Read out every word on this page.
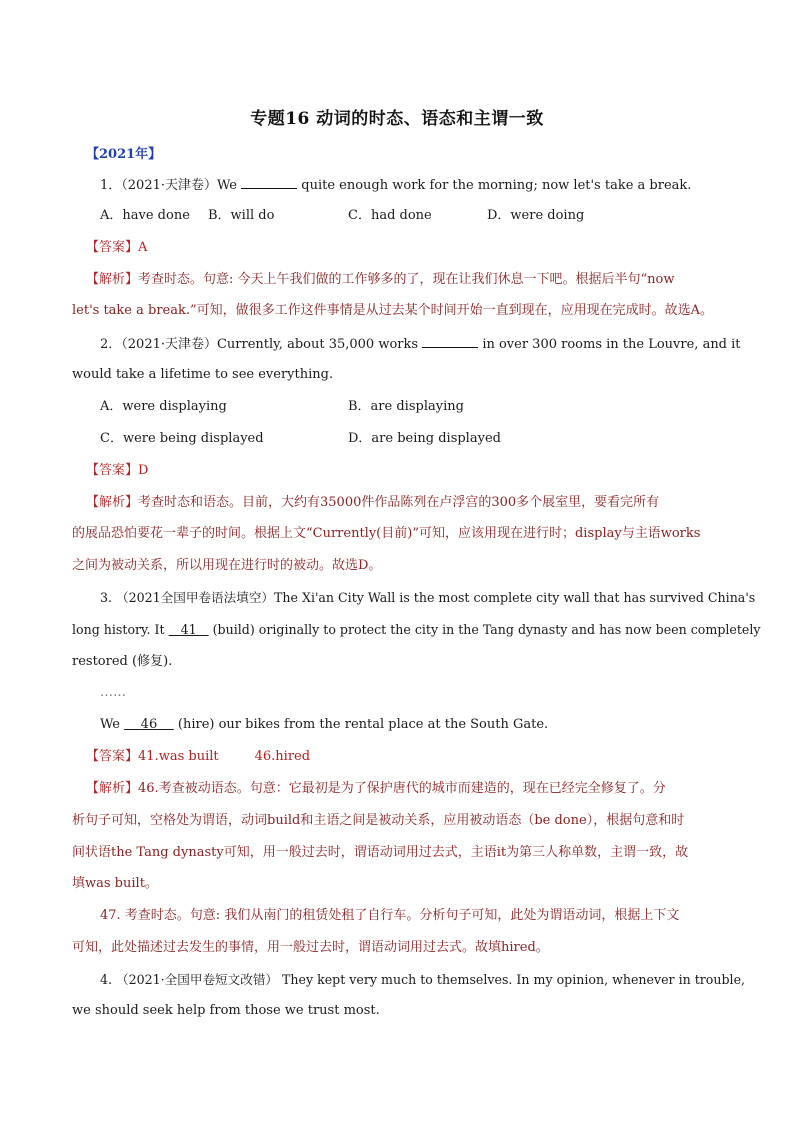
专题16 动词的时态、语态和主谓一致
【2021年】
1．（2021·天津卷）We	quite enough work for the morning; now let's take a break.
A．have done B．will do	C．had done	D．were doing
【答案】A
【解析】考查时态。句意: 今天上午我们做的工作够多的了，现在让我们休息一下吧。根据后半句“now
let's take a break.”可知，做很多工作这件事情是从过去某个时间开始一直到现在，应用现在完成时。故选A。
2．（2021·天津卷）Currently, about 35,000 works	in over 300 rooms in the Louvre, and it
would take a lifetime to see everything.
A．were displaying	B．are displaying
C．were being displayed	D．are being displayed
【答案】D
【解析】考查时态和语态。目前，大约有35000件作品陈列在卢浮宫的300多个展室里，要看完所有
的展品恐怕要花一辈子的时间。根据上文“Currently(目前)”可知，应该用现在进行时；display与主语works
之间为被动关系，所以用现在进行时的被动。故选D。
3. （2021全国甲卷语法填空）The Xi'an City Wall is the most complete city wall that has survived China's
long history. It 41 (build) originally to protect the city in the Tang dynasty and has now been completely
restored (修复).
……
We 46 (hire) our bikes from the rental place at the South Gate.
【答案】41.was built	46.hired
【解析】46.考查被动语态。句意：它最初是为了保护唐代的城市而建造的，现在已经完全修复了。分
析句子可知，空格处为谓语，动词build和主语之间是被动关系，应用被动语态（be done），根据句意和时
间状语the Tang dynasty可知，用一般过去时，谓语动词用过去式，主语it为第三人称单数，主谓一致，故
填was built。
47. 考查时态。句意: 我们从南门的租赁处租了自行车。分析句子可知，此处为谓语动词，根据上下文
可知，此处描述过去发生的事情，用一般过去时，谓语动词用过去式。故填hired。
4. （2021·全国甲卷短文改错） They kept very much to themselves. In my opinion, whenever in trouble,
we should seek help from those we trust most.
